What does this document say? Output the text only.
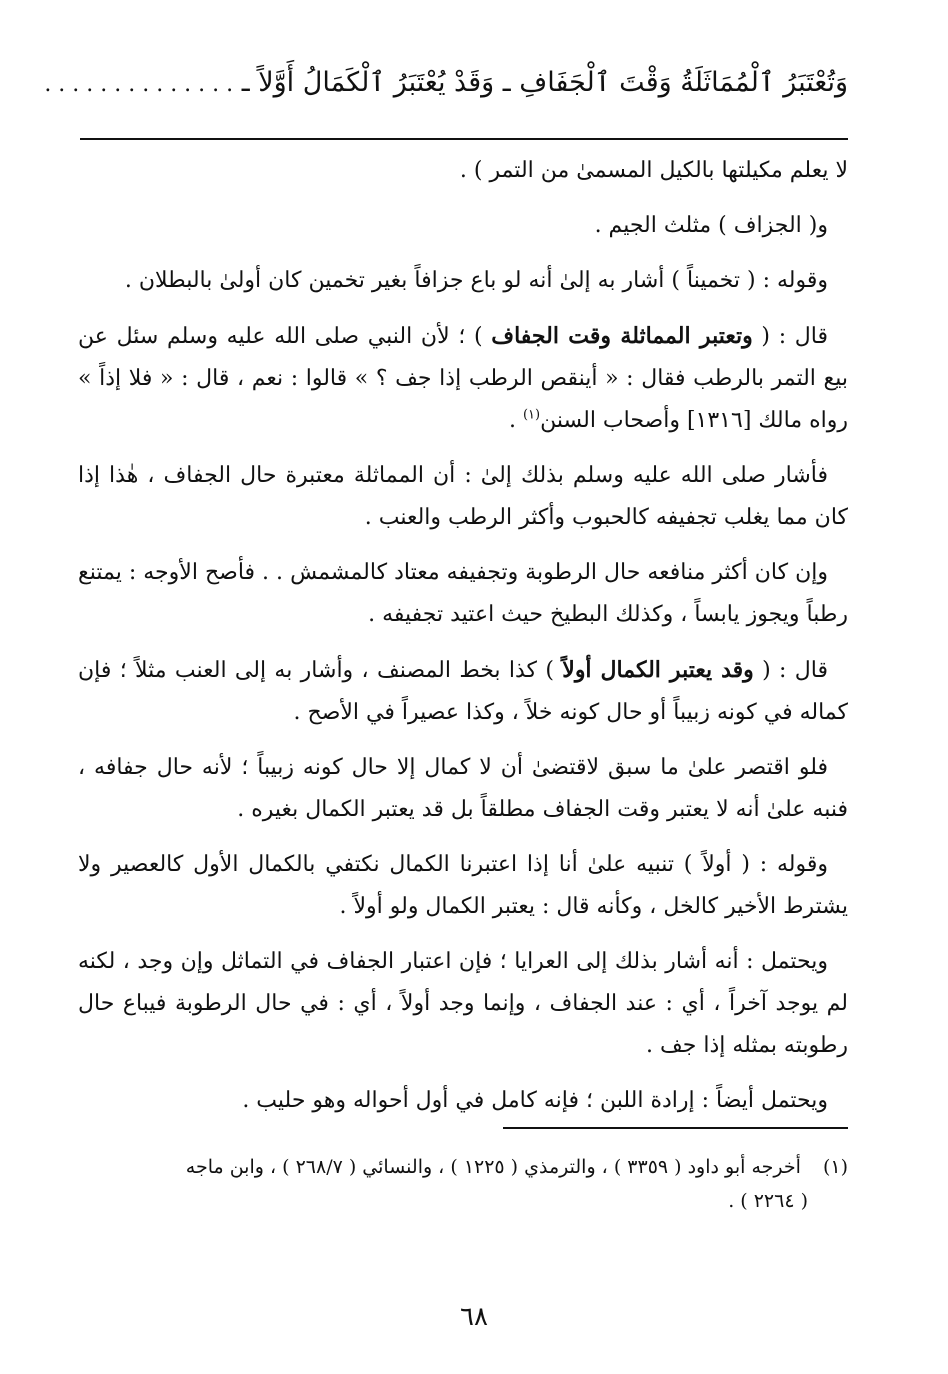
وَتُعْتَبَرُ ٱلْمُمَاثَلَةُ وَقْتَ ٱلْجَفَافِ ـ وَقَدْ يُعْتَبَرُ ٱلْكَمَالُ أَوَّلاً ـ . . . . . . . . . . . . . .

لا يعلم مكيلتها بالكيل المسمىٰ من التمر ) .

و( الجزاف ) مثلث الجيم .

وقوله : ( تخميناً ) أشار به إلىٰ أنه لو باع جزافاً بغير تخمين كان أولىٰ بالبطلان .

قال : ( وتعتبر المماثلة وقت الجفاف ) ؛ لأن النبي صلى الله عليه وسلم سئل عن بيع التمر بالرطب فقال : « أينقص الرطب إذا جف ؟ » قالوا : نعم ، قال : « فلا إذاً » رواه مالك [١٣١٦] وأصحاب السنن$^{(١)}$ .

فأشار صلى الله عليه وسلم بذلك إلىٰ : أن المماثلة معتبرة حال الجفاف ، هٰذا إذا كان مما يغلب تجفيفه كالحبوب وأكثر الرطب والعنب .

وإن كان أكثر منافعه حال الرطوبة وتجفيفه معتاد كالمشمش . . فأصح الأوجه : يمتنع رطباً ويجوز يابساً ، وكذلك البطيخ حيث اعتيد تجفيفه .

قال : ( وقد يعتبر الكمال أولاً ) كذا بخط المصنف ، وأشار به إلى العنب مثلاً ؛ فإن كماله في كونه زبيباً أو حال كونه خلاً ، وكذا عصيراً في الأصح .

فلو اقتصر علىٰ ما سبق لاقتضىٰ أن لا كمال إلا حال كونه زبيباً ؛ لأنه حال جفافه ، فنبه علىٰ أنه لا يعتبر وقت الجفاف مطلقاً بل قد يعتبر الكمال بغيره .

وقوله : ( أولاً ) تنبيه علىٰ أنا إذا اعتبرنا الكمال نكتفي بالكمال الأول كالعصير ولا يشترط الأخير كالخل ، وكأنه قال : يعتبر الكمال ولو أولاً .

ويحتمل : أنه أشار بذلك إلى العرايا ؛ فإن اعتبار الجفاف في التماثل وإن وجد ، لكنه لم يوجد آخراً ، أي : عند الجفاف ، وإنما وجد أولاً ، أي : في حال الرطوبة فيباع حال رطوبته بمثله إذا جف .

ويحتمل أيضاً : إرادة اللبن ؛ فإنه كامل في أول أحواله وهو حليب .

(١) أخرجه أبو داود ( ٣٣٥٩ ) ، والترمذي ( ١٢٢٥ ) ، والنسائي ( ٢٦٨/٧ ) ، وابن ماجه
( ٢٢٦٤ ) .
٦٨
